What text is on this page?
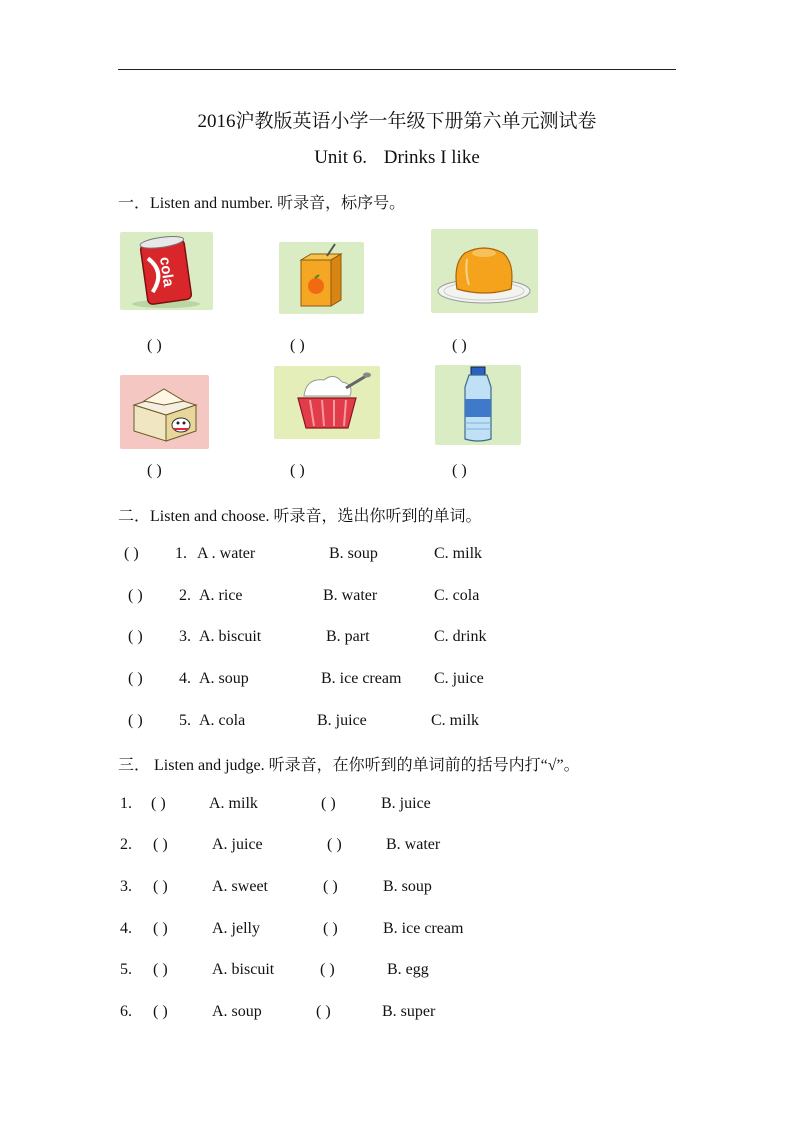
2016沪教版英语小学一年级下册第六单元测试卷
Unit 6. Drinks I like
一．Listen and number. 听录音，标序号。
cola
( )	( )	( )
( )	( )	( )
二．Listen and choose. 听录音，选出你听到的单词。
( ) 1. A . water	B. soup	C. milk
( ) 2. A. rice	B. water	C. cola
( ) 3. A. biscuit	B. part	C. drink
( ) 4. A. soup	B. ice cream C. juice
( ) 5. A. cola	B. juice	C. milk
三． Listen and judge. 听录音，在你听到的单词前的括号内打“√”。
1. ( )	A. milk	( )	B. juice
2. ( )	A. juice	( )	B. water
3. ( )	A. sweet	( )	B. soup
4. ( )	A. jelly	( )	B. ice cream
5. ( )	A. biscuit	( )	B. egg
6. ( )	A. soup	( )	B. super
